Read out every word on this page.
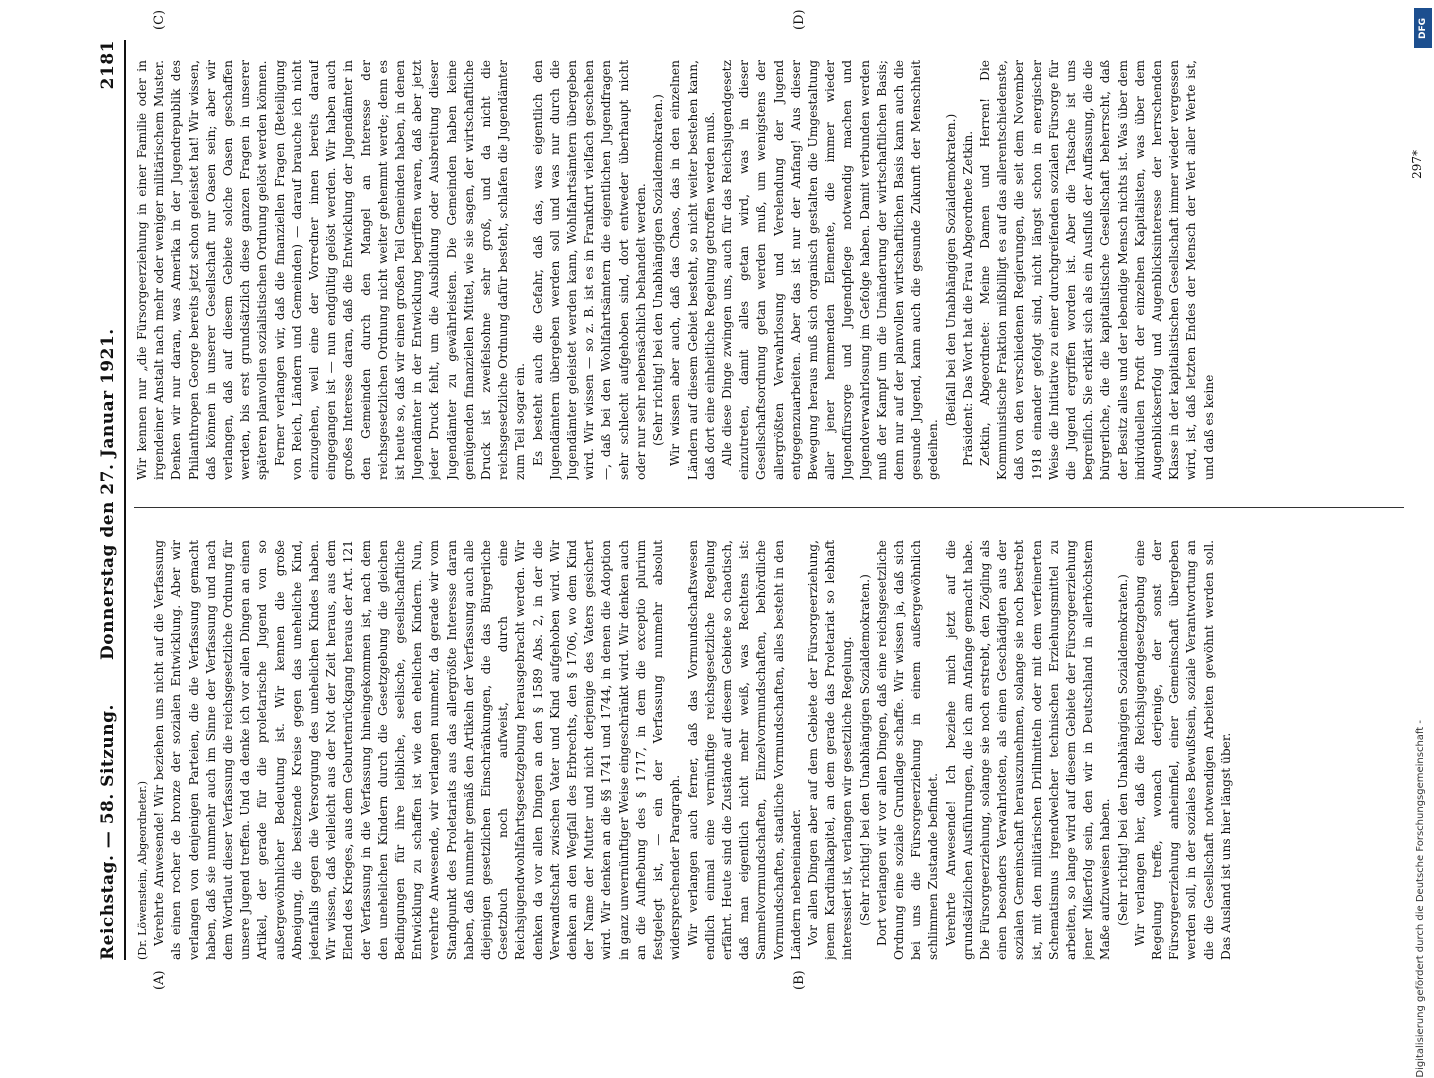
Reichstag. — 58. Sitzung.
Donnerstag den 27. Januar 1921.
2181

(Dr. Löwenstein, Abgeordneter.) Verehrte Anwesende! Wir beziehen uns nicht auf die Verfassung als einen rocher de bronze der sozialen Entwicklung. Aber wir verlangen von denjenigen Parteien, die die Verfassung gemacht haben, daß sie nunmehr auch im Sinne der Verfassung und nach dem Wortlaut dieser Verfassung die reichsgesetzliche Ordnung für unsere Jugend treffen. Und da denke ich vor allen Dingen an einen Artikel, der gerade für die proletarische Jugend von so außergewöhnlicher Bedeutung ist. Wir kennen die große Abneigung, die besitzende Kreise gegen das uneheliche Kind, jedenfalls gegen die Versorgung des unehelichen Kindes haben. Wir wissen, daß vielleicht aus der Not der Zeit heraus, aus dem Elend des Krieges, aus dem Geburtenrückgang heraus der Art. 121 der Verfassung in die Verfassung hineingekommen ist, nach dem den unehelichen Kindern durch die Gesetzgebung die gleichen Bedingungen für ihre leibliche, seelische, gesellschaftliche Entwicklung zu schaffen ist wie den ehelichen Kindern. Nun, verehrte Anwesende, wir verlangen nunmehr, da gerade wir vom Standpunkt des Proletariats aus das allergrößte Interesse daran haben, daß nunmehr gemäß den Artikeln der Verfassung auch alle diejenigen gesetzlichen Einschränkungen, die das Bürgerliche Gesetzbuch noch aufweist, durch eine Reichsjugendwohlfahrtsgesetzgebung herausgebracht werden. Wir denken da vor allen Dingen an den § 1589 Abs. 2, in der die Verwandtschaft zwischen Vater und Kind aufgehoben wird. Wir denken an den Wegfall des Erbrechts, den § 1706, wo dem Kind der Name der Mutter und nicht derjenige des Vaters gesichert wird. Wir denken an die §§ 1741 und 1744, in denen die Adoption in ganz unvernünftiger Weise eingeschränkt wird. Wir denken auch an die Aufhebung des § 1717, in dem die exceptio plurium festgelegt ist, — ein der Verfassung nunmehr absolut widersprechender Paragraph. Wir verlangen auch ferner, daß das Vormundschaftswesen endlich einmal eine vernünftige reichsgesetzliche Regelung erfährt. Heute sind die Zustände auf diesem Gebiete so chaotisch, daß man eigentlich nicht mehr weiß, was Rechtens ist: Sammelvormundschaften, Einzelvormundschaften, behördliche Vormundschaften, staatliche Vormundschaften, alles besteht in den Ländern nebeneinander. Vor allen Dingen aber auf dem Gebiete der Fürsorgeerziehung, jenem Kardinalkapitel, an dem gerade das Proletariat so lebhaft interessiert ist, verlangen wir gesetzliche Regelung. (Sehr richtig! bei den Unabhängigen Sozialdemokraten.) Dort verlangen wir vor allen Dingen, daß eine reichsgesetzliche Ordnung eine soziale Grundlage schaffe. Wir wissen ja, daß sich bei uns die Fürsorgeerziehung in einem außergewöhnlich schlimmen Zustande befindet. Verehrte Anwesende! Ich beziehe mich jetzt auf die grundsätzlichen Ausführungen, die ich am Anfange gemacht habe. Die Fürsorgeerziehung, solange sie noch erstrebt, den Zögling als einen besonders Verwahrlosten, als einen Geschädigten aus der sozialen Gemeinschaft herauszunehmen, solange sie noch bestrebt ist, mit den militärischen Drillmitteln oder mit dem verfeinerten Schematismus irgendwelcher technischen Erziehungsmittel zu arbeiten, so lange wird auf diesem Gebiete der Fürsorgeerziehung jener Mißerfolg sein, den wir in Deutschland in allerhöchstem Maße aufzuweisen haben. (Sehr richtig! bei den Unabhängigen Sozialdemokraten.) Wir verlangen hier, daß die Reichsjugendgesetzgebung eine Regelung treffe, wonach derjenige, der sonst der Fürsorgeerziehung anheimfiel, einer Gemeinschaft übergeben werden soll, in der soziales Bewußtsein, soziale Verantwortung an die die Gesellschaft notwendigen Arbeiten gewöhnt werden soll. Das Ausland ist uns hier längst über.

Wir kennen nur „die Fürsorgeerziehung in einer Familie oder in irgendeiner Anstalt nach mehr oder weniger militärischem Muster. Denken wir nur daran, was Amerika in der Jugendrepublik des Philanthropen George bereits jetzt schon geleistet hat! Wir wissen, daß können in unserer Gesellschaft nur Oasen sein; aber wir verlangen, daß auf diesem Gebiete solche Oasen geschaffen werden, bis erst grundsätzlich diese ganzen Fragen in unserer späteren planvollen sozialistischen Ordnung gelöst werden können. Ferner verlangen wir, daß die finanziellen Fragen (Beteiligung von Reich, Ländern und Gemeinden) — darauf brauche ich nicht einzugehen, weil eine der Vorredner innen bereits darauf eingegangen ist — nun endgültig gelöst werden. Wir haben auch großes Interesse daran, daß die Entwicklung der Jugendämter in den Gemeinden durch den Mangel an Interesse der reichsgesetzlichen Ordnung nicht weiter gehemmt werde; denn es ist heute so, daß wir einen großen Teil Gemeinden haben, in denen Jugendämter in der Entwicklung begriffen waren, daß aber jetzt jeder Druck fehlt, um die Ausbildung oder Ausbreitung dieser Jugendämter zu gewährleisten. Die Gemeinden haben keine genügenden finanziellen Mittel, wie sie sagen, der wirtschaftliche Druck ist zweifelsohne sehr groß, und da nicht die reichsgesetzliche Ordnung dafür besteht, schlafen die Jugendämter zum Teil sogar ein. Es besteht auch die Gefahr, daß das, was eigentlich den Jugendämtern übergeben werden soll und was nur durch die Jugendämter geleistet werden kann, Wohlfahrtsämtern übergeben wird. Wir wissen — so z. B. ist es in Frankfurt vielfach geschehen —, daß bei den Wohlfahrtsämtern die eigentlichen Jugendfragen sehr schlecht aufgehoben sind, dort entweder überhaupt nicht oder nur sehr nebensächlich behandelt werden. (Sehr richtig! bei den Unabhängigen Sozialdemokraten.) Wir wissen aber auch, daß das Chaos, das in den einzelnen Ländern auf diesem Gebiet besteht, so nicht weiter bestehen kann, daß dort eine einheitliche Regelung getroffen werden muß. Alle diese Dinge zwingen uns, auch für das Reichsjugendgesetz einzutreten, damit alles getan wird, was in dieser Gesellschaftsordnung getan werden muß, um wenigstens der allergrößten Verwahrlosung und Verelendung der Jugend entgegenzuarbeiten. Aber das ist nur der Anfang! Aus dieser Bewegung heraus muß sich organisch gestalten die Umgestaltung aller jener hemmenden Elemente, die immer wieder Jugendfürsorge und Jugendpflege notwendig machen und Jugendverwahrlosung im Gefolge haben. Damit verbunden werden muß der Kampf um die Umänderung der wirtschaftlichen Basis; denn nur auf der planvollen wirtschaftlichen Basis kann auch die gesunde Jugend, kann auch die gesunde Zukunft der Menschheit gedeihen.

(Beifall bei den Unabhängigen Sozialdemokraten.) Präsident: Das Wort hat die Frau Abgeordnete Zetkin. Zetkin, Abgeordnete: Meine Damen und Herren! Die Kommunistische Fraktion mißbilligt es auf das allerentschiedenste, daß von den verschiedenen Regierungen, die seit dem November 1918 einander gefolgt sind, nicht längst schon in energischer Weise die Initiative zu einer durchgreifenden sozialen Fürsorge für die Jugend ergriffen worden ist. Aber die Tatsache ist uns begreiflich. Sie erklärt sich als ein Ausfluß der Auffassung, die die bürgerliche, die die kapitalistische Gesellschaft beherrscht, daß der Besitz alles und der lebendige Mensch nichts ist. Was über dem individuellen Profit der einzelnen Kapitalisten, was über dem Augenblickserfolg und Augenblicksinteresse der herrschenden Klasse in der kapitalistischen Gesellschaft immer wieder vergessen wird, ist, daß letzten Endes der Mensch der Wert aller Werte ist, und daß es keine

(A)	(B)
(C)	(D)
297*
DFG
Digitalisierung gefördert durch die Deutsche Forschungsgemeinschaft -
